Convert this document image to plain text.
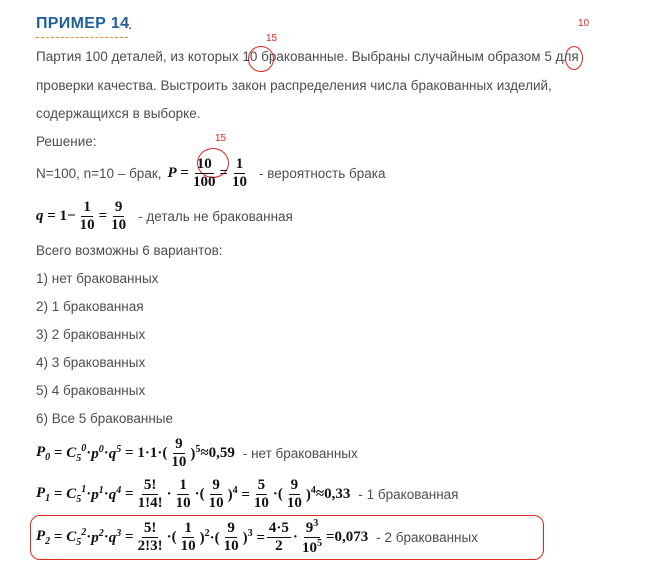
ПРИМЕР 14
.	10
15
Партия 100 деталей, из которых 10 бракованные. Выбраны случайным образом 5 для
проверки качества. Выстроить закон распределения числа бракованных изделий,
содержащихся в выборке.
Решение:	15
N=100, n=10 – брак, $P = \frac{10}{100} = \frac{1}{10}$ - вероятность брака
$q = 1- \frac{1}{10} = \frac{9}{10}$ - деталь не бракованная
Всего возможны 6 вариантов:
1) нет бракованных
2) 1 бракованная
3) 2 бракованных
4) 3 бракованных
5) 4 бракованных
6) Все 5 бракованные
$P_0 = C_5^0 \cdot p^0 \cdot q^5 = 1\cdot 1\cdot( \frac{9}{10} )^5 \approx 0,59$ - нет бракованных
$P_1 = C_5^1 \cdot p^1 \cdot q^4 = \frac{5!}{1!4!} \cdot \frac{1}{10}$ ·( $\frac{9}{10} )^4 = \frac{5}{10}$ ·( $\frac{9}{10} )^4 \approx 0,33 - 1$ бракованная
$P_2 = C_5^2 \cdot p^2 \cdot q^3 = \frac{5!}{2!3!}$ ·( $\frac{1}{10} )^2\cdot( \frac{9}{10} )^3 = \frac{4\cdot 5}{2} \cdot \frac{9^3}{10^5} =0,073 - 2$ бракованных
